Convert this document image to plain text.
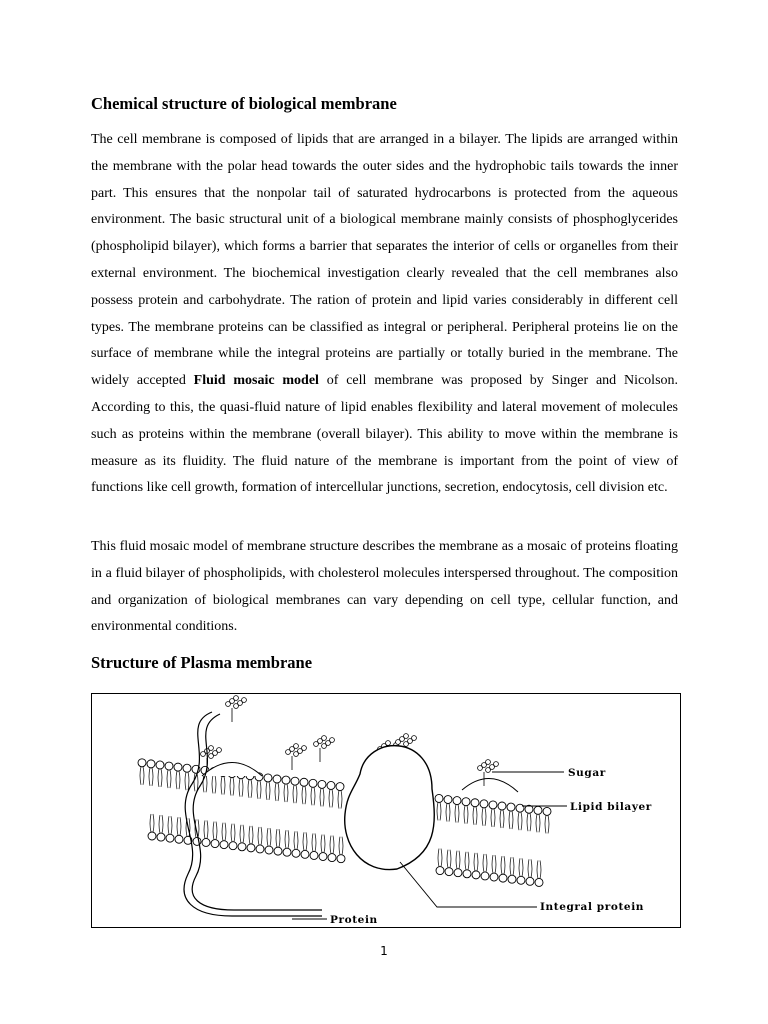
Chemical structure of biological membrane

The cell membrane is composed of lipids that are arranged in a bilayer. The lipids are arranged within the membrane with the polar head towards the outer sides and the hydrophobic tails towards the inner part. This ensures that the nonpolar tail of saturated hydrocarbons is protected from the aqueous environment. The basic structural unit of a biological membrane mainly consists of phosphoglycerides (phospholipid bilayer), which forms a barrier that separates the interior of cells or organelles from their external environment. The biochemical investigation clearly revealed that the cell membranes also possess protein and carbohydrate. The ration of protein and lipid varies considerably in different cell types. The membrane proteins can be classified as integral or peripheral. Peripheral proteins lie on the surface of membrane while the integral proteins are partially or totally buried in the membrane. The widely accepted Fluid mosaic model of cell membrane was proposed by Singer and Nicolson. According to this, the quasi-fluid nature of lipid enables flexibility and lateral movement of molecules such as proteins within the membrane (overall bilayer). This ability to move within the membrane is measure as its fluidity. The fluid nature of the membrane is important from the point of view of functions like cell growth, formation of intercellular junctions, secretion, endocytosis, cell division etc.

This fluid mosaic model of membrane structure describes the membrane as a mosaic of proteins floating in a fluid bilayer of phospholipids, with cholesterol molecules interspersed throughout. The composition and organization of biological membranes can vary depending on cell type, cellular function, and environmental conditions.

Structure of Plasma membrane
Sugar
Lipid bilayer
Integral protein
Protein

1
